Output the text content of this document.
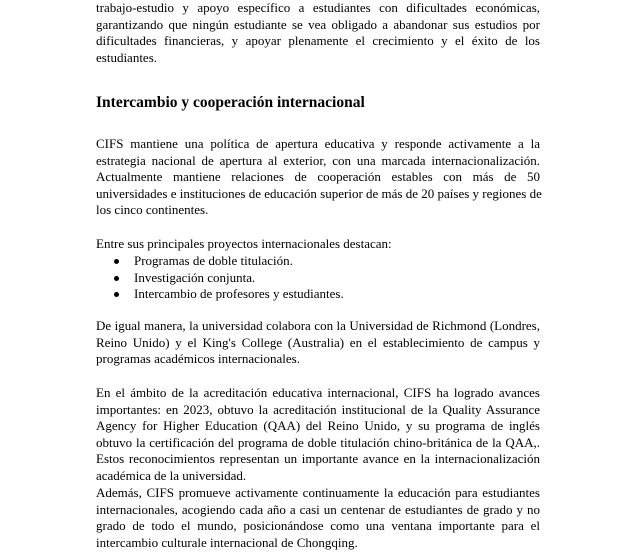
trabajo-estudio y apoyo específico a estudiantes con dificultades económicas,
garantizando que ningún estudiante se vea obligado a abandonar sus estudios por
dificultades financieras, y apoyar plenamente el crecimiento y el éxito de los
estudiantes.
Intercambio y cooperación internacional
CIFS mantiene una política de apertura educativa y responde activamente a la
estrategia nacional de apertura al exterior, con una marcada internacionalización.
Actualmente mantiene relaciones de cooperación estables con más de 50
universidades e instituciones de educación superior de más de 20 países y regiones de
los cinco continentes.
Entre sus principales proyectos internacionales destacan:
Programas de doble titulación.
Investigación conjunta.
Intercambio de profesores y estudiantes.
De igual manera, la universidad colabora con la Universidad de Richmond (Londres,
Reino Unido) y el King's College (Australia) en el establecimiento de campus y
programas académicos internacionales.
En el ámbito de la acreditación educativa internacional, CIFS ha logrado avances
importantes: en 2023, obtuvo la acreditación institucional de la Quality Assurance
Agency for Higher Education (QAA) del Reino Unido, y su programa de inglés
obtuvo la certificación del programa de doble titulación chino-británica de la QAA,.
Estos reconocimientos representan un importante avance en la internacionalización
académica de la universidad.
Además, CIFS promueve activamente continuamente la educación para estudiantes
internacionales, acogiendo cada año a casi un centenar de estudiantes de grado y no
grado de todo el mundo, posicionándose como una ventana importante para el
intercambio culturale internacional de Chongqing.
